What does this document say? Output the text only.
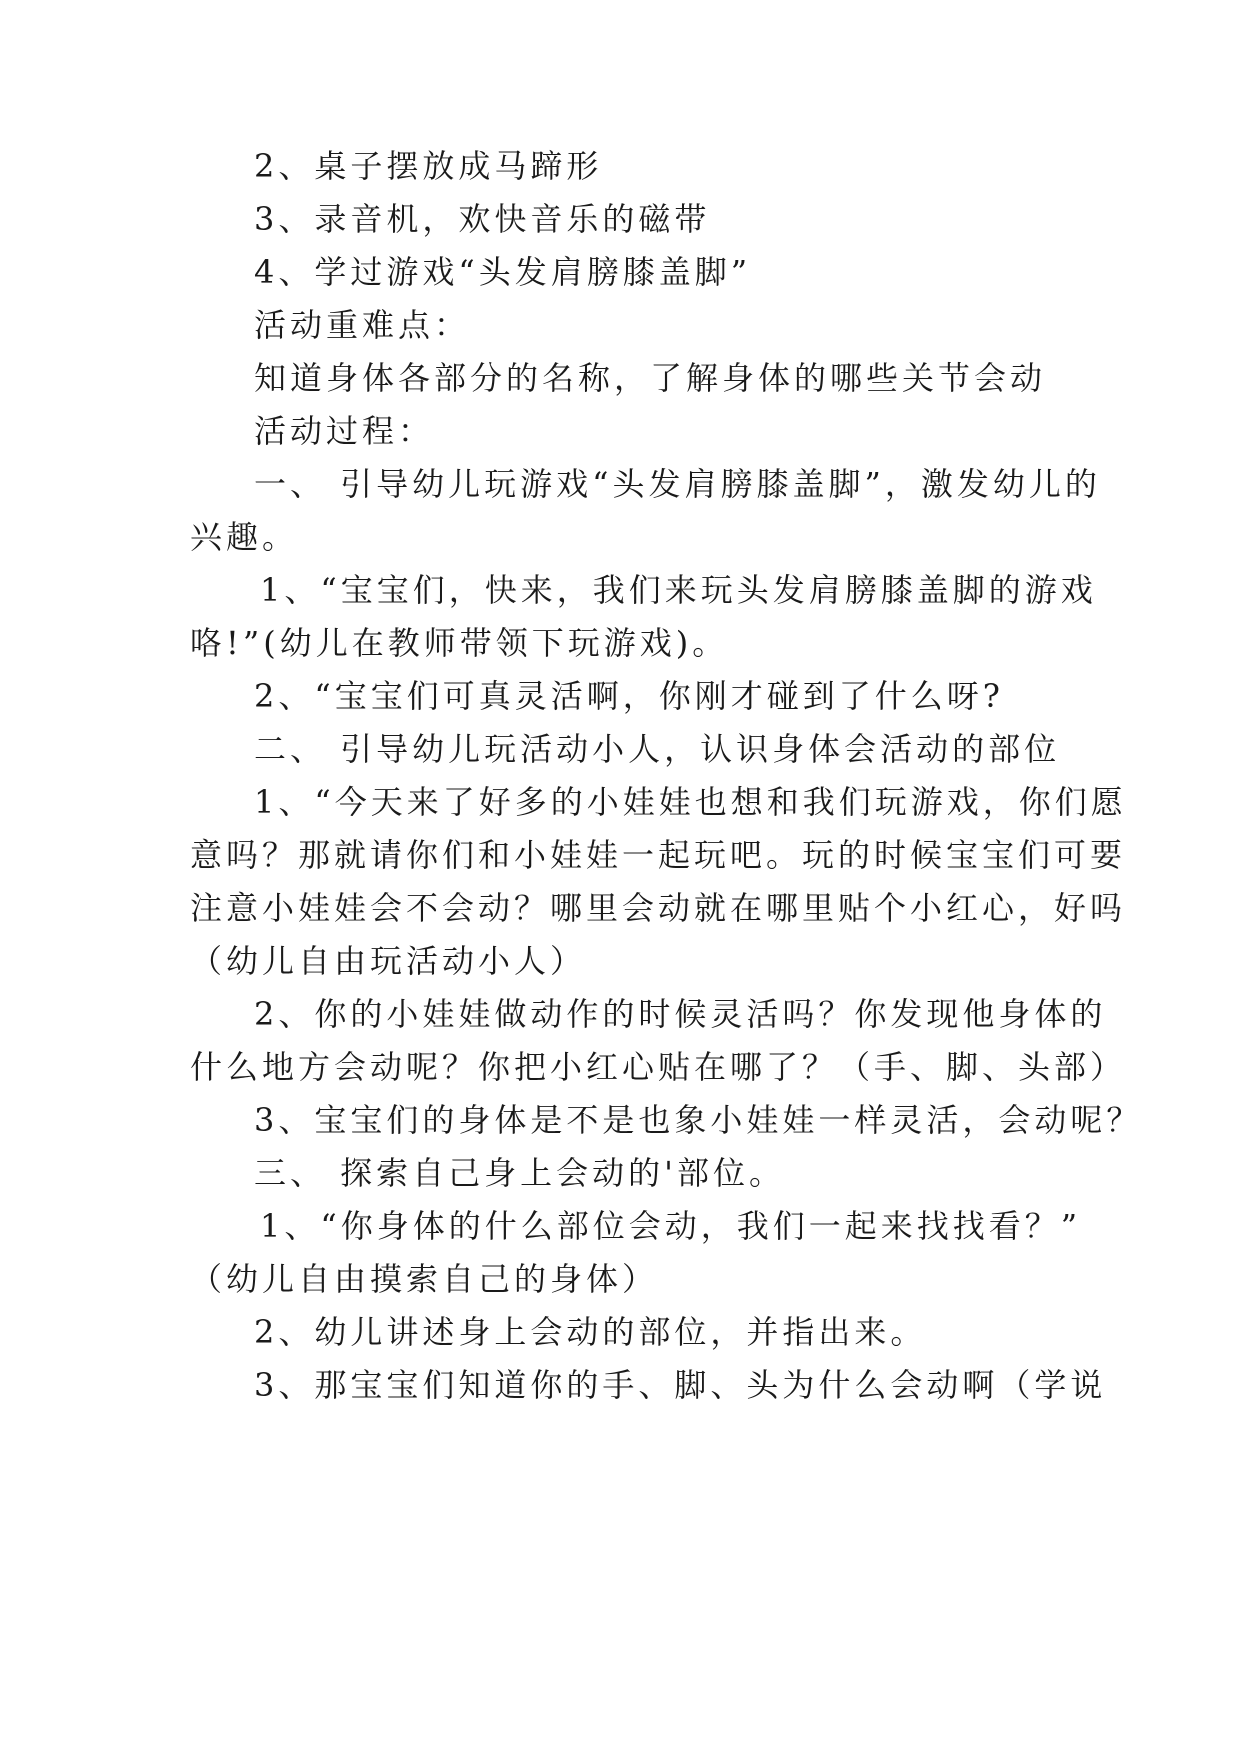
2、桌子摆放成马蹄形
3、录音机，欢快音乐的磁带
4、学过游戏“头发肩膀膝盖脚”
活动重难点：
知道身体各部分的名称，了解身体的哪些关节会动
活动过程：
一、 引导幼儿玩游戏“头发肩膀膝盖脚”，激发幼儿的
兴趣。
1、“宝宝们，快来，我们来玩头发肩膀膝盖脚的游戏
咯!”(幼儿在教师带领下玩游戏)。
2、“宝宝们可真灵活啊，你刚才碰到了什么呀?
二、 引导幼儿玩活动小人，认识身体会活动的部位
1、“今天来了好多的小娃娃也想和我们玩游戏，你们愿
意吗？那就请你们和小娃娃一起玩吧。玩的时候宝宝们可要
注意小娃娃会不会动？哪里会动就在哪里贴个小红心，好吗
（幼儿自由玩活动小人）
2、你的小娃娃做动作的时候灵活吗？你发现他身体的
什么地方会动呢？你把小红心贴在哪了？（手、脚、头部）
3、宝宝们的身体是不是也象小娃娃一样灵活，会动呢？
三、 探索自己身上会动的'部位。
1、“你身体的什么部位会动，我们一起来找找看？”
（幼儿自由摸索自己的身体）
2、幼儿讲述身上会动的部位，并指出来。
3、那宝宝们知道你的手、脚、头为什么会动啊（学说
